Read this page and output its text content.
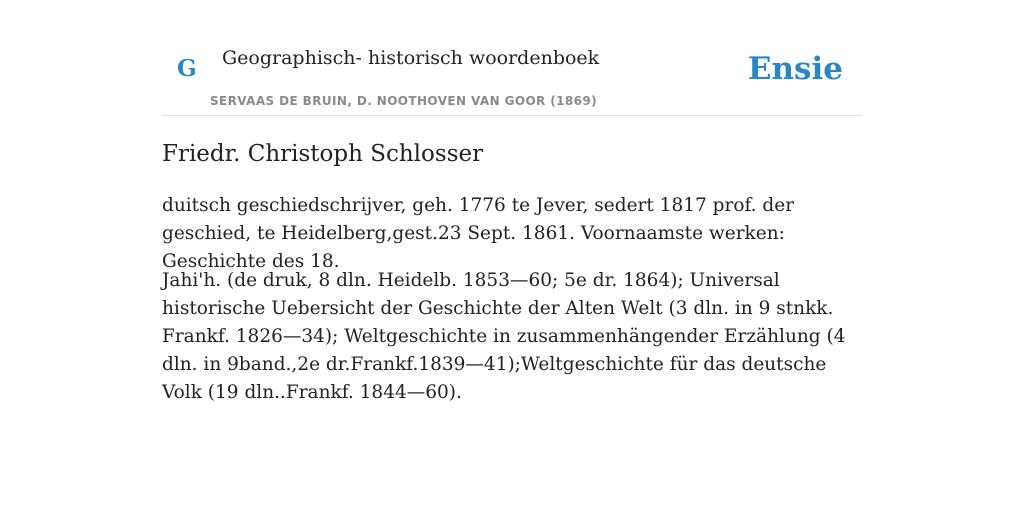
G Geographisch- historisch woordenboek
SERVAAS DE BRUIN, D. NOOTHOVEN VAN GOOR (1869)
Ensie
Friedr. Christoph Schlosser

duitsch geschiedschrijver, geh. 1776 te Jever, sedert 1817 prof. der geschied, te Heidelberg,gest.23 Sept. 1861. Voornaamste werken: Geschichte des 18.

Jahi'h. (de druk, 8 dln. Heidelb. 1853—60; 5e dr. 1864); Universal historische Uebersicht der Geschichte der Alten Welt (3 dln. in 9 stnkk. Frankf. 1826—34); Weltgeschichte in zusammenhängender Erzählung (4 dln. in 9band.,2e dr.Frankf.1839—41);Weltgeschichte für das deutsche Volk (19 dln..Frankf. 1844—60).
